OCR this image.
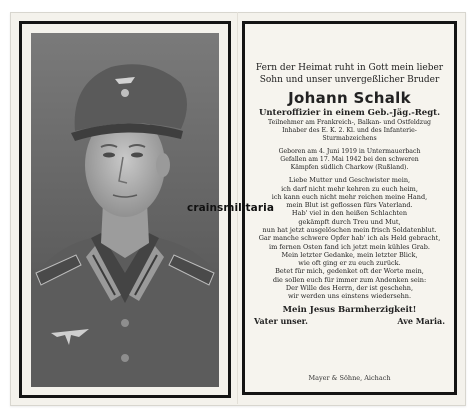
Fern der Heimat ruht in Gott mein lieber
Sohn und unser unvergeßlicher Bruder
Johann Schalk
Unteroffizier in einem Geb.-Jäg.-Regt.
Teilnehmer am Frankreich-, Balkan- und Ostfeldzug
Inhaber des E. K. 2. Kl. und des Infanterie-
Sturmabzeichens
Geboren am 4. Juni 1919 in Untermauerbach
Gefallen am 17. Mai 1942 bei den schweren
Kämpfen südlich Charkow (Rußland).
Liebe Mutter und Geschwister mein,
ich darf nicht mehr kehren zu euch heim,
ich kann euch nicht mehr reichen meine Hand,
mein Blut ist geflossen fürs Vaterland.
Hab' viel in den heißen Schlachten
gekämpft durch Treu und Mut,
nun hat jetzt ausgelöschen mein frisch Soldatenblut.
Gar manche schwere Opfer hab' ich als Held gebracht,
im fernen Osten fand ich jetzt mein kühles Grab.
Mein letzter Gedanke, mein letzter Blick,
wie oft ging er zu euch zurück.
Betet für mich, gedenket oft der Worte mein,
die sollen euch für immer zum Andenken sein:
Der Wille des Herrn, der ist geschehn,
wir werden uns einstens wiedersehn.
Mein Jesus Barmherzigkeit!
Vater unser.	Ave Maria.
Mayer & Söhne, Aichach
crainsmilitaria
